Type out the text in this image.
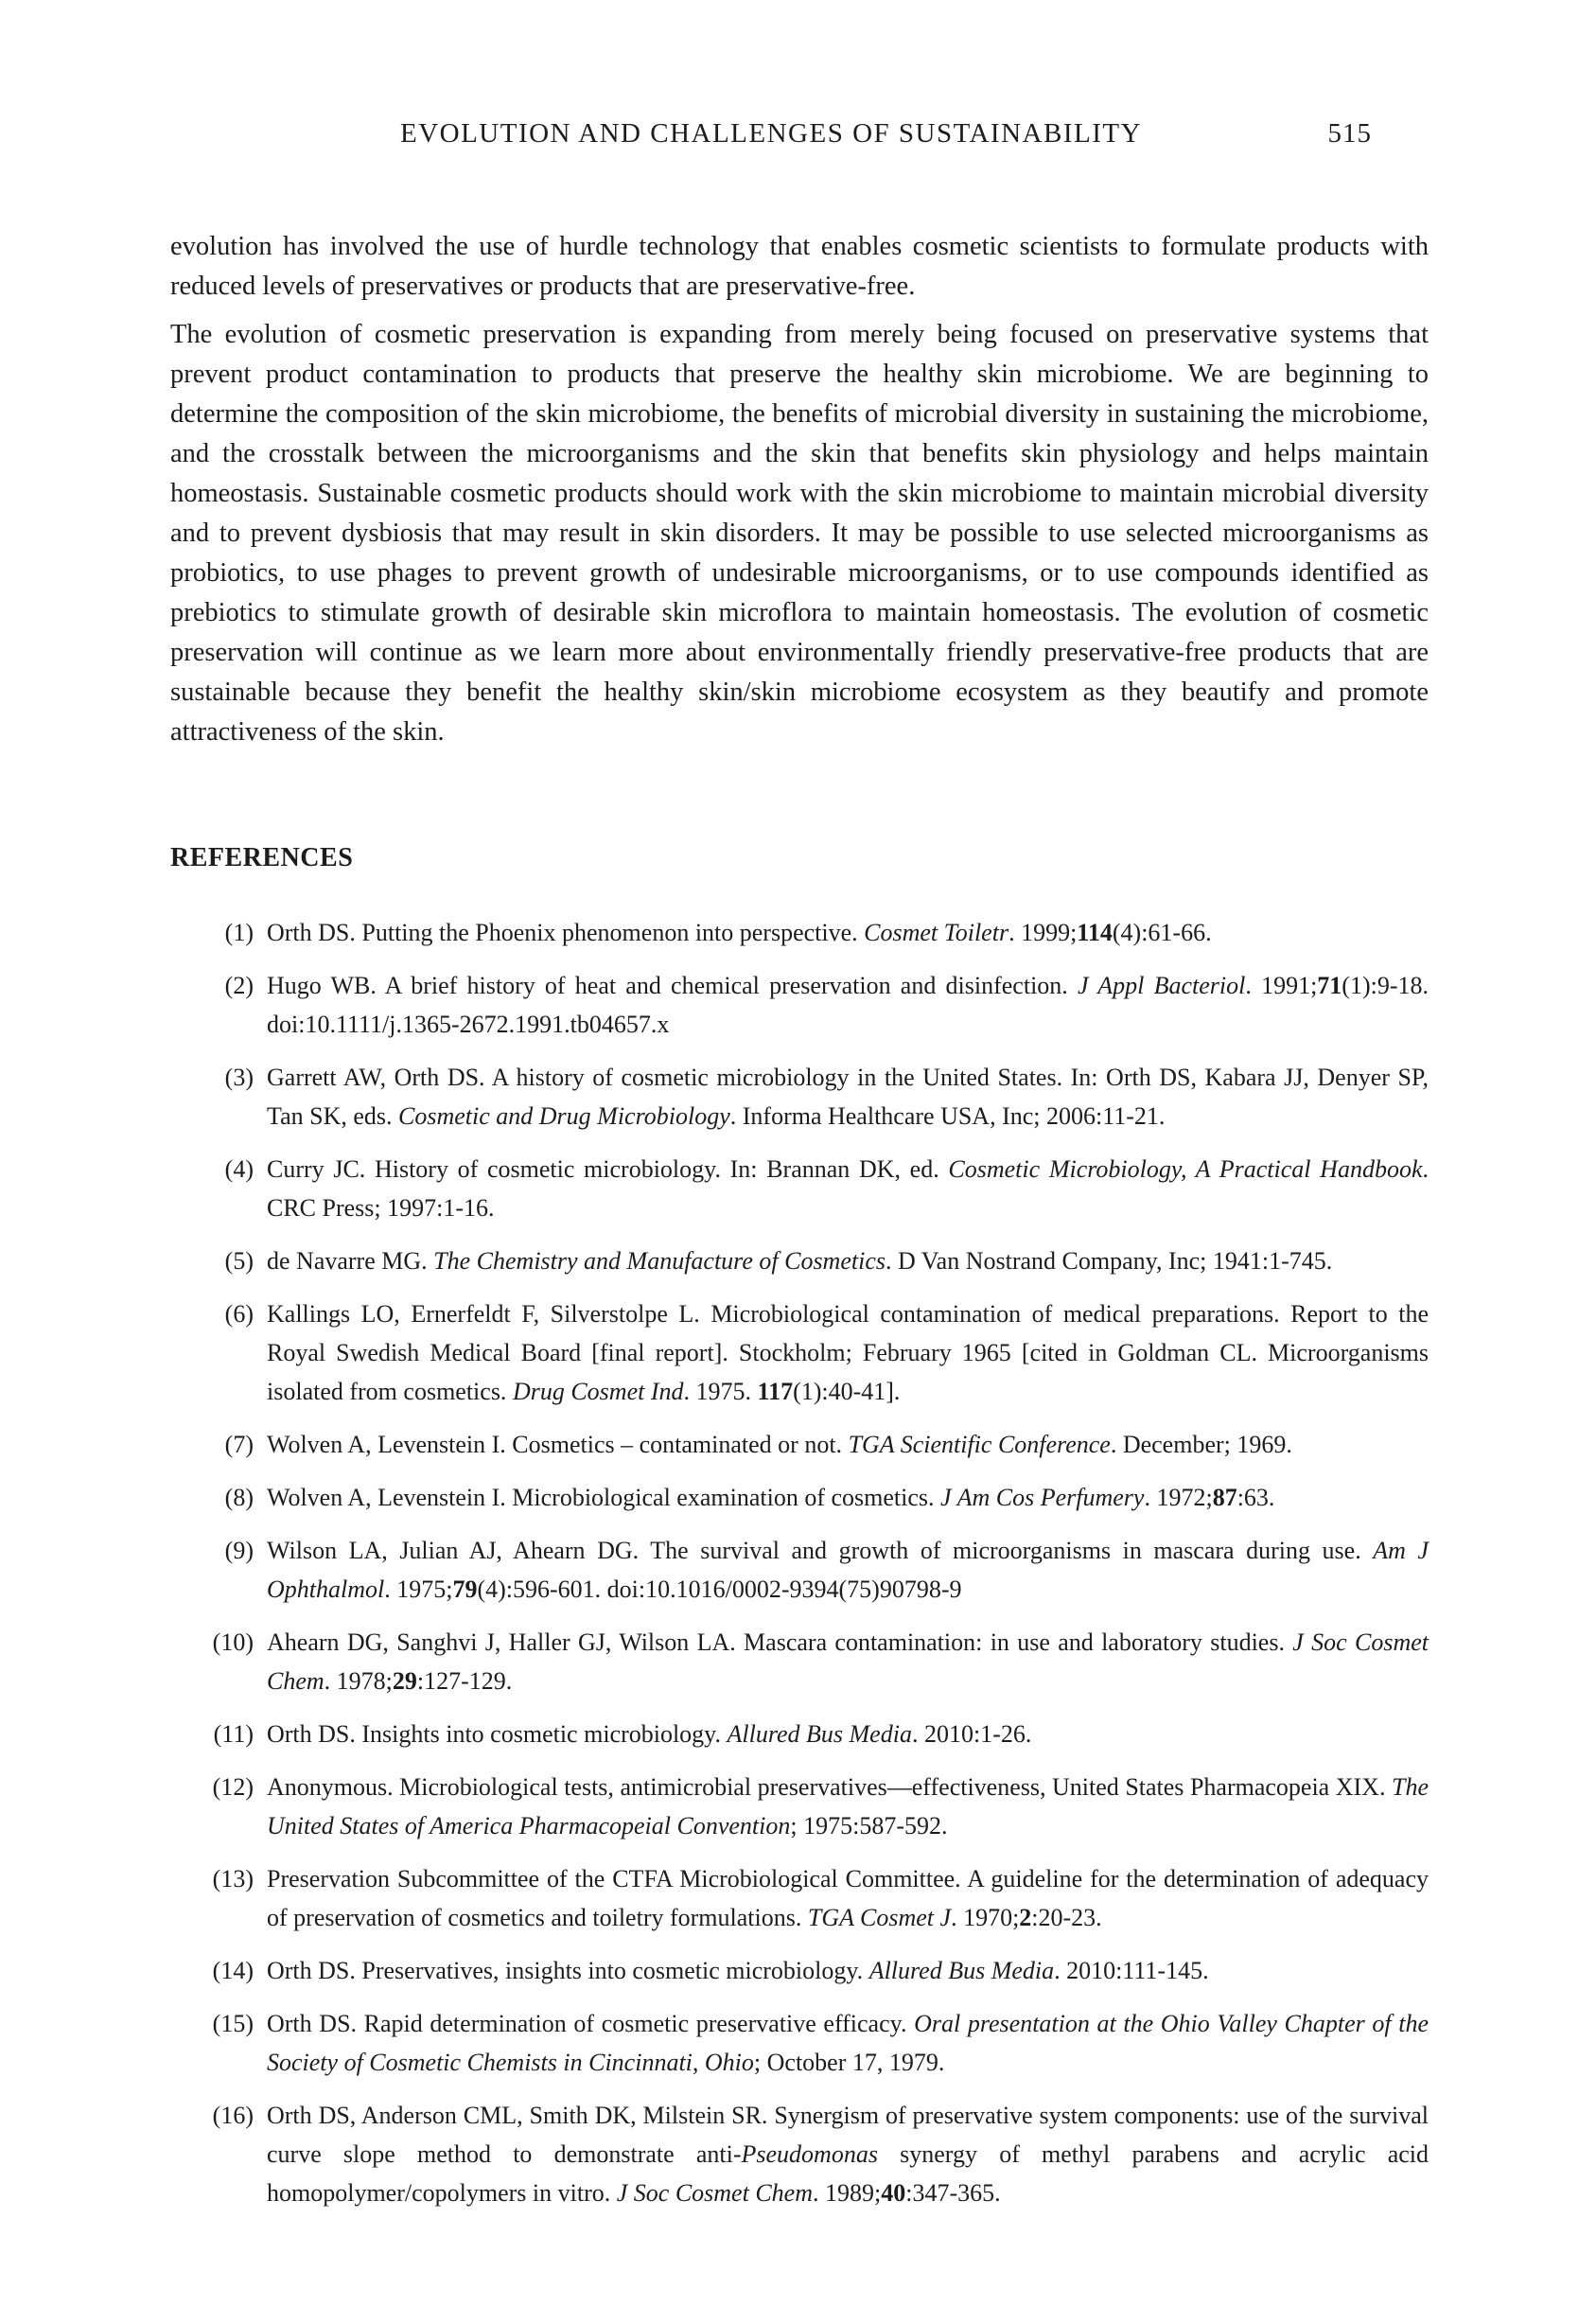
EVOLUTION AND CHALLENGES OF SUSTAINABILITY	515

evolution has involved the use of hurdle technology that enables cosmetic scientists to formulate products with reduced levels of preservatives or products that are preservative-free.

The evolution of cosmetic preservation is expanding from merely being focused on preservative systems that prevent product contamination to products that preserve the healthy skin microbiome. We are beginning to determine the composition of the skin microbiome, the benefits of microbial diversity in sustaining the microbiome, and the crosstalk between the microorganisms and the skin that benefits skin physiology and helps maintain homeostasis. Sustainable cosmetic products should work with the skin microbiome to maintain microbial diversity and to prevent dysbiosis that may result in skin disorders. It may be possible to use selected microorganisms as probiotics, to use phages to prevent growth of undesirable microorganisms, or to use compounds identified as prebiotics to stimulate growth of desirable skin microflora to maintain homeostasis. The evolution of cosmetic preservation will continue as we learn more about environmentally friendly preservative-free products that are sustainable because they benefit the healthy skin/skin microbiome ecosystem as they beautify and promote attractiveness of the skin.

REFERENCES
(1) Orth DS. Putting the Phoenix phenomenon into perspective. Cosmet Toiletr. 1999;114(4):61-66.
(2) Hugo WB. A brief history of heat and chemical preservation and disinfection. J Appl Bacteriol. 1991;71(1):9-18. doi:10.1111/j.1365-2672.1991.tb04657.x
(3) Garrett AW, Orth DS. A history of cosmetic microbiology in the United States. In: Orth DS, Kabara JJ, Denyer SP, Tan SK, eds. Cosmetic and Drug Microbiology. Informa Healthcare USA, Inc; 2006:11-21.
(4) Curry JC. History of cosmetic microbiology. In: Brannan DK, ed. Cosmetic Microbiology, A Practical Handbook. CRC Press; 1997:1-16.
(5) de Navarre MG. The Chemistry and Manufacture of Cosmetics. D Van Nostrand Company, Inc; 1941:1-745.
(6) Kallings LO, Ernerfeldt F, Silverstolpe L. Microbiological contamination of medical preparations. Report to the Royal Swedish Medical Board [final report]. Stockholm; February 1965 [cited in Goldman CL. Microorganisms isolated from cosmetics. Drug Cosmet Ind. 1975. 117(1):40-41].
(7) Wolven A, Levenstein I. Cosmetics – contaminated or not. TGA Scientific Conference. December; 1969.
(8) Wolven A, Levenstein I. Microbiological examination of cosmetics. J Am Cos Perfumery. 1972;87:63.
(9) Wilson LA, Julian AJ, Ahearn DG. The survival and growth of microorganisms in mascara during use. Am J Ophthalmol. 1975;79(4):596-601. doi:10.1016/0002-9394(75)90798-9
(10) Ahearn DG, Sanghvi J, Haller GJ, Wilson LA. Mascara contamination: in use and laboratory studies. J Soc Cosmet Chem. 1978;29:127-129.
(11) Orth DS. Insights into cosmetic microbiology. Allured Bus Media. 2010:1-26.
(12) Anonymous. Microbiological tests, antimicrobial preservatives—effectiveness, United States Pharmacopeia XIX. The United States of America Pharmacopeial Convention; 1975:587-592.
(13) Preservation Subcommittee of the CTFA Microbiological Committee. A guideline for the determination of adequacy of preservation of cosmetics and toiletry formulations. TGA Cosmet J. 1970;2:20-23.
(14) Orth DS. Preservatives, insights into cosmetic microbiology. Allured Bus Media. 2010:111-145.
(15) Orth DS. Rapid determination of cosmetic preservative efficacy. Oral presentation at the Ohio Valley Chapter of the Society of Cosmetic Chemists in Cincinnati, Ohio; October 17, 1979.
(16) Orth DS, Anderson CML, Smith DK, Milstein SR. Synergism of preservative system components: use of the survival curve slope method to demonstrate anti-Pseudomonas synergy of methyl parabens and acrylic acid homopolymer/copolymers in vitro. J Soc Cosmet Chem. 1989;40:347-365.
